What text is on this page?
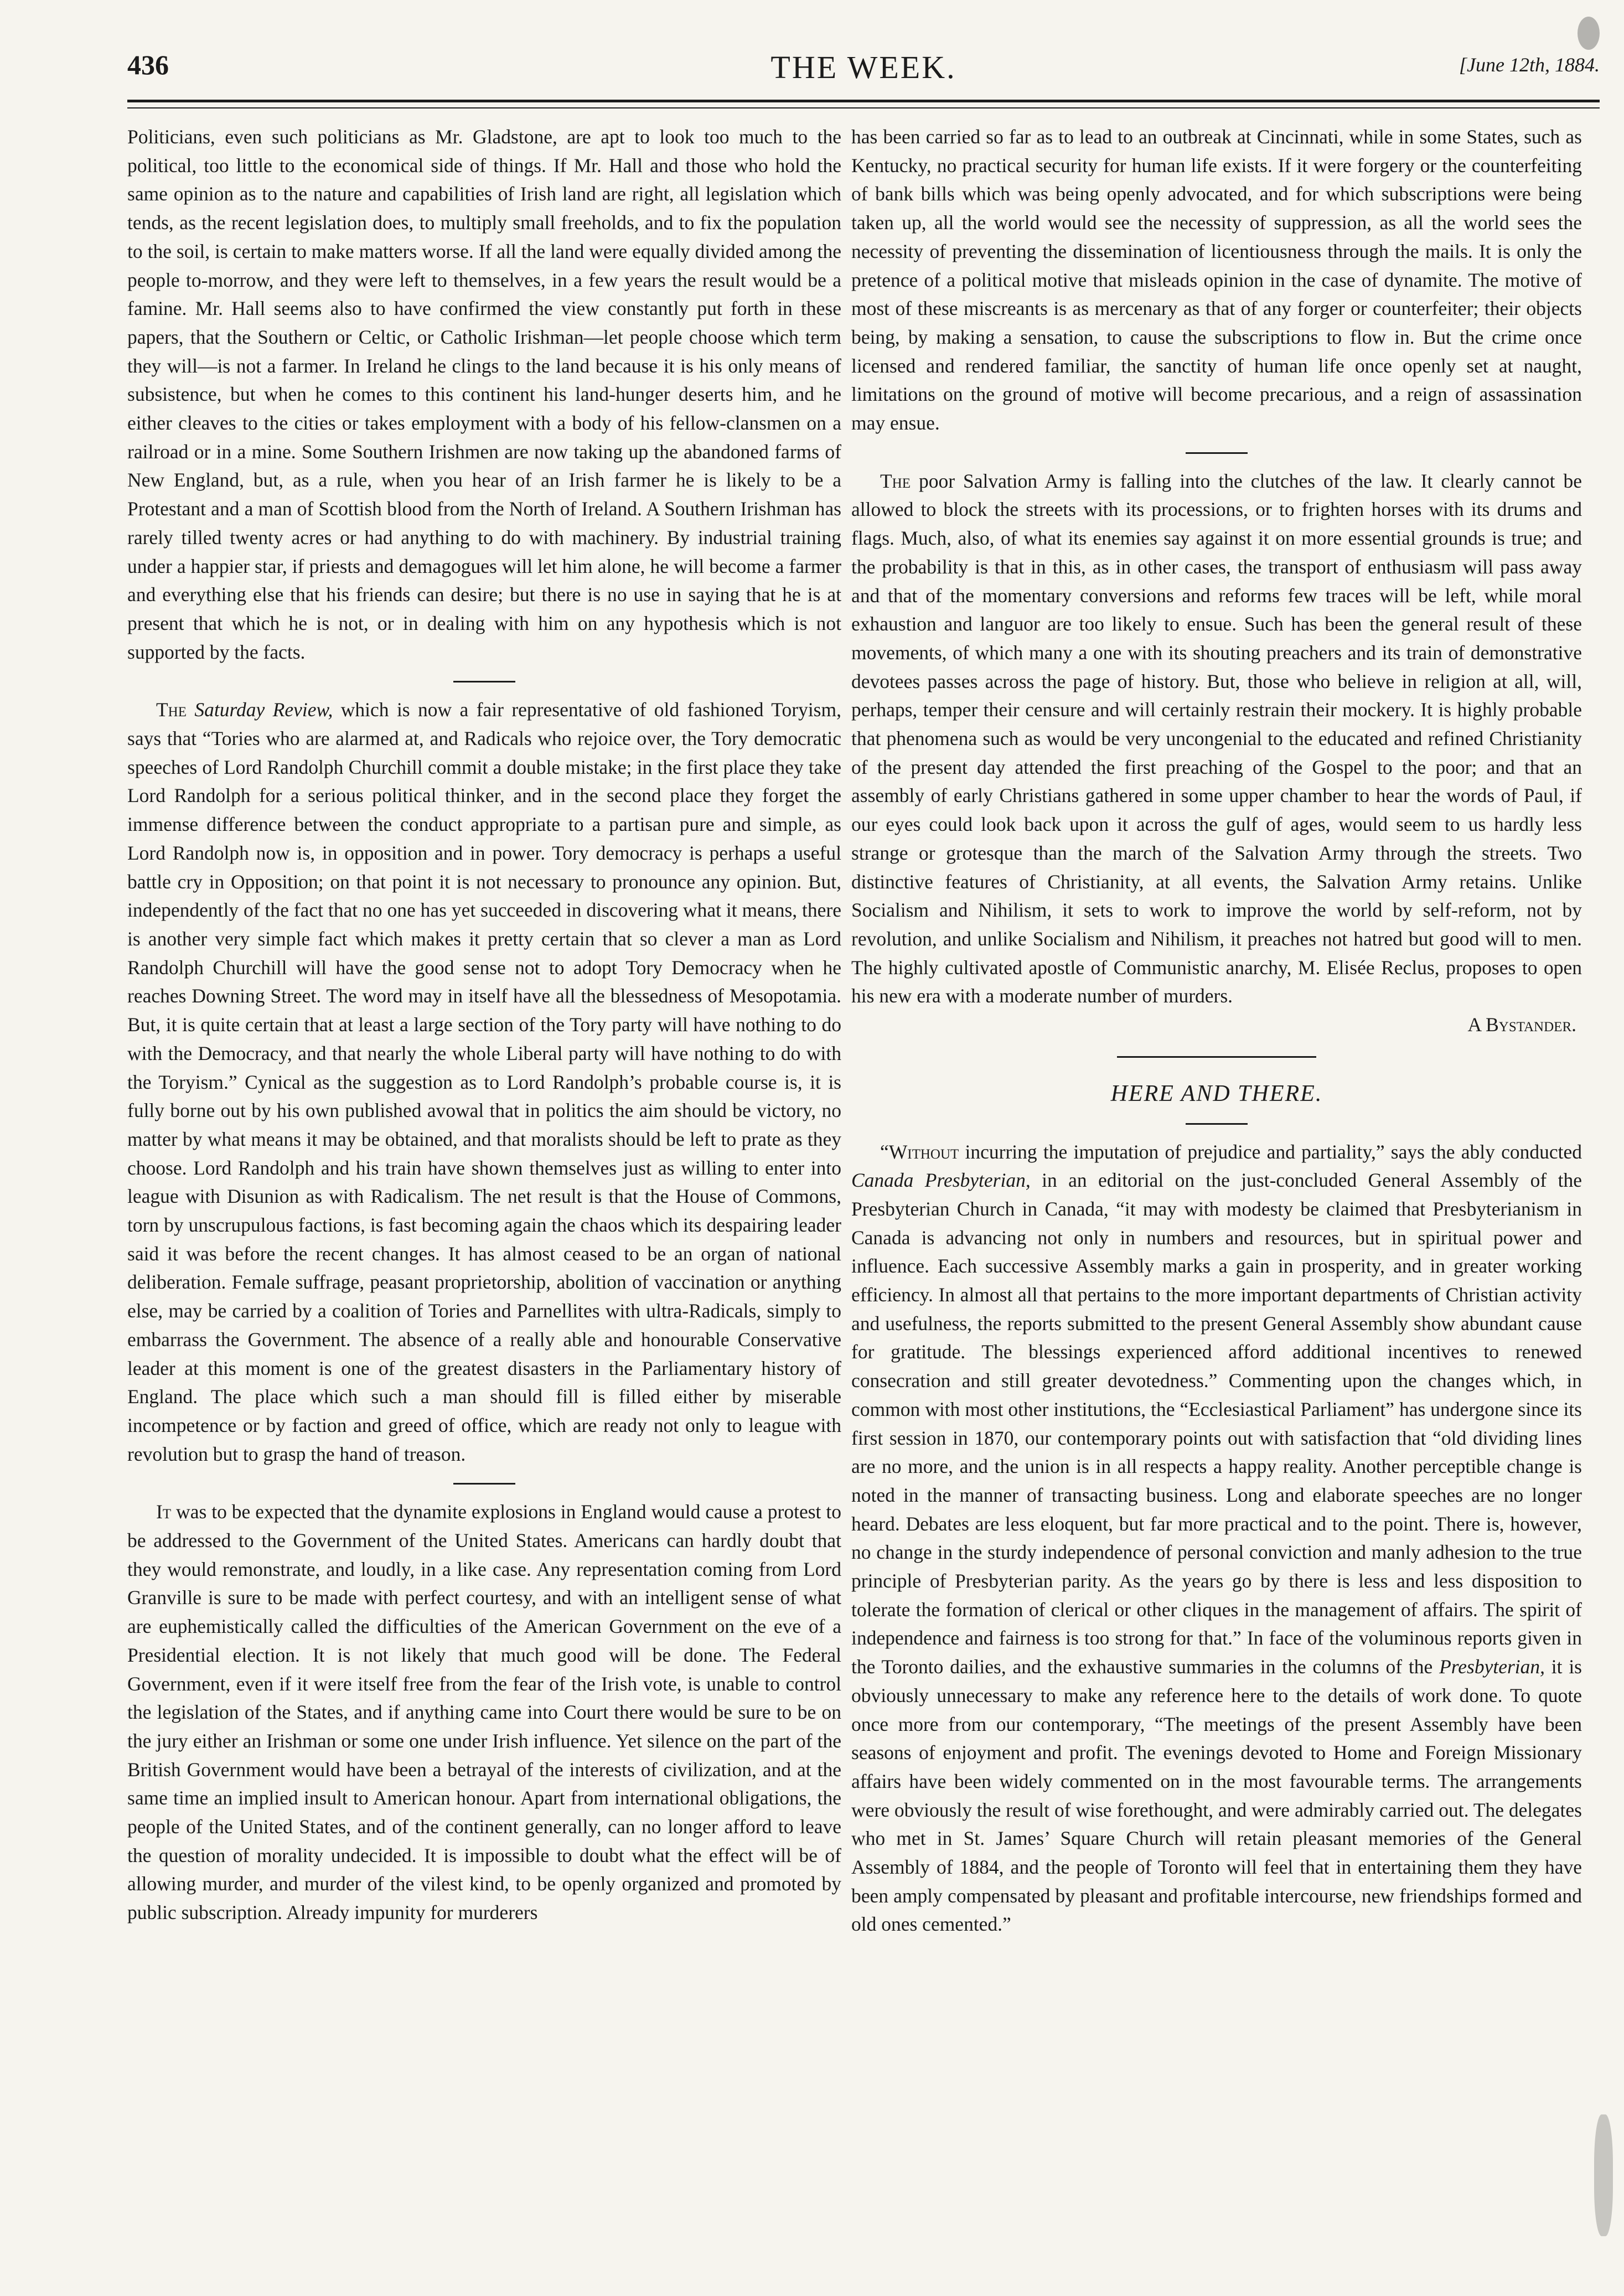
436	THE WEEK.	[June 12th, 1884.

Politicians, even such politicians as Mr. Gladstone, are apt to look too much to the political, too little to the economical side of things. If Mr. Hall and those who hold the same opinion as to the nature and capabilities of Irish land are right, all legislation which tends, as the recent legislation does, to multiply small freeholds, and to fix the population to the soil, is certain to make matters worse. If all the land were equally divided among the people to-morrow, and they were left to themselves, in a few years the result would be a famine. Mr. Hall seems also to have confirmed the view constantly put forth in these papers, that the Southern or Celtic, or Catholic Irishman—let people choose which term they will—is not a farmer. In Ireland he clings to the land because it is his only means of subsistence, but when he comes to this continent his land-hunger deserts him, and he either cleaves to the cities or takes employment with a body of his fellow-clansmen on a railroad or in a mine. Some Southern Irishmen are now taking up the abandoned farms of New England, but, as a rule, when you hear of an Irish farmer he is likely to be a Protestant and a man of Scottish blood from the North of Ireland. A Southern Irishman has rarely tilled twenty acres or had anything to do with machinery. By industrial training under a happier star, if priests and demagogues will let him alone, he will become a farmer and everything else that his friends can desire; but there is no use in saying that he is at present that which he is not, or in dealing with him on any hypothesis which is not supported by the facts.

The Saturday Review, which is now a fair representative of old fashioned Toryism, says that “Tories who are alarmed at, and Radicals who rejoice over, the Tory democratic speeches of Lord Randolph Churchill commit a double mistake; in the first place they take Lord Randolph for a serious political thinker, and in the second place they forget the immense difference between the conduct appropriate to a partisan pure and simple, as Lord Randolph now is, in opposition and in power. Tory democracy is perhaps a useful battle cry in Opposition; on that point it is not necessary to pronounce any opinion. But, independently of the fact that no one has yet succeeded in discovering what it means, there is another very simple fact which makes it pretty certain that so clever a man as Lord Randolph Churchill will have the good sense not to adopt Tory Democracy when he reaches Downing Street. The word may in itself have all the blessedness of Mesopotamia. But, it is quite certain that at least a large section of the Tory party will have nothing to do with the Democracy, and that nearly the whole Liberal party will have nothing to do with the Toryism.” Cynical as the suggestion as to Lord Randolph’s probable course is, it is fully borne out by his own published avowal that in politics the aim should be victory, no matter by what means it may be obtained, and that moralists should be left to prate as they choose. Lord Randolph and his train have shown themselves just as willing to enter into league with Disunion as with Radicalism. The net result is that the House of Commons, torn by unscrupulous factions, is fast becoming again the chaos which its despairing leader said it was before the recent changes. It has almost ceased to be an organ of national deliberation. Female suffrage, peasant proprietorship, abolition of vaccination or anything else, may be carried by a coalition of Tories and Parnellites with ultra-Radicals, simply to embarrass the Government. The absence of a really able and honourable Conservative leader at this moment is one of the greatest disasters in the Parliamentary history of England. The place which such a man should fill is filled either by miserable incompetence or by faction and greed of office, which are ready not only to league with revolution but to grasp the hand of treason.

It was to be expected that the dynamite explosions in England would cause a protest to be addressed to the Government of the United States. Americans can hardly doubt that they would remonstrate, and loudly, in a like case. Any representation coming from Lord Granville is sure to be made with perfect courtesy, and with an intelligent sense of what are euphemistically called the difficulties of the American Government on the eve of a Presidential election. It is not likely that much good will be done. The Federal Government, even if it were itself free from the fear of the Irish vote, is unable to control the legislation of the States, and if anything came into Court there would be sure to be on the jury either an Irishman or some one under Irish influence. Yet silence on the part of the British Government would have been a betrayal of the interests of civilization, and at the same time an implied insult to American honour. Apart from international obligations, the people of the United States, and of the continent generally, can no longer afford to leave the question of morality undecided. It is impossible to doubt what the effect will be of allowing murder, and murder of the vilest kind, to be openly organized and promoted by public subscription. Already impunity for murderers

has been carried so far as to lead to an outbreak at Cincinnati, while in some States, such as Kentucky, no practical security for human life exists. If it were forgery or the counterfeiting of bank bills which was being openly advocated, and for which subscriptions were being taken up, all the world would see the necessity of suppression, as all the world sees the necessity of preventing the dissemination of licentiousness through the mails. It is only the pretence of a political motive that misleads opinion in the case of dynamite. The motive of most of these miscreants is as mercenary as that of any forger or counterfeiter; their objects being, by making a sensation, to cause the subscriptions to flow in. But the crime once licensed and rendered familiar, the sanctity of human life once openly set at naught, limitations on the ground of motive will become precarious, and a reign of assassination may ensue.

The poor Salvation Army is falling into the clutches of the law. It clearly cannot be allowed to block the streets with its processions, or to frighten horses with its drums and flags. Much, also, of what its enemies say against it on more essential grounds is true; and the probability is that in this, as in other cases, the transport of enthusiasm will pass away and that of the momentary conversions and reforms few traces will be left, while moral exhaustion and languor are too likely to ensue. Such has been the general result of these movements, of which many a one with its shouting preachers and its train of demonstrative devotees passes across the page of history. But, those who believe in religion at all, will, perhaps, temper their censure and will certainly restrain their mockery. It is highly probable that phenomena such as would be very uncongenial to the educated and refined Christianity of the present day attended the first preaching of the Gospel to the poor; and that an assembly of early Christians gathered in some upper chamber to hear the words of Paul, if our eyes could look back upon it across the gulf of ages, would seem to us hardly less strange or grotesque than the march of the Salvation Army through the streets. Two distinctive features of Christianity, at all events, the Salvation Army retains. Unlike Socialism and Nihilism, it sets to work to improve the world by self-reform, not by revolution, and unlike Socialism and Nihilism, it preaches not hatred but good will to men. The highly cultivated apostle of Communistic anarchy, M. Elisée Reclus, proposes to open his new era with a moderate number of murders.

A Bystander.
HERE AND THERE.

“Without incurring the imputation of prejudice and partiality,” says the ably conducted Canada Presbyterian, in an editorial on the just-concluded General Assembly of the Presbyterian Church in Canada, “it may with modesty be claimed that Presbyterianism in Canada is advancing not only in numbers and resources, but in spiritual power and influence. Each successive Assembly marks a gain in prosperity, and in greater working efficiency. In almost all that pertains to the more important departments of Christian activity and usefulness, the reports submitted to the present General Assembly show abundant cause for gratitude. The blessings experienced afford additional incentives to renewed consecration and still greater devotedness.” Commenting upon the changes which, in common with most other institutions, the “Ecclesiastical Parliament” has undergone since its first session in 1870, our contemporary points out with satisfaction that “old dividing lines are no more, and the union is in all respects a happy reality. Another perceptible change is noted in the manner of transacting business. Long and elaborate speeches are no longer heard. Debates are less eloquent, but far more practical and to the point. There is, however, no change in the sturdy independence of personal conviction and manly adhesion to the true principle of Presbyterian parity. As the years go by there is less and less disposition to tolerate the formation of clerical or other cliques in the management of affairs. The spirit of independence and fairness is too strong for that.” In face of the voluminous reports given in the Toronto dailies, and the exhaustive summaries in the columns of the Presbyterian, it is obviously unnecessary to make any reference here to the details of work done. To quote once more from our contemporary, “The meetings of the present Assembly have been seasons of enjoyment and profit. The evenings devoted to Home and Foreign Missionary affairs have been widely commented on in the most favourable terms. The arrangements were obviously the result of wise forethought, and were admirably carried out. The delegates who met in St. James’ Square Church will retain pleasant memories of the General Assembly of 1884, and the people of Toronto will feel that in entertaining them they have been amply compensated by pleasant and profitable intercourse, new friendships formed and old ones cemented.”
